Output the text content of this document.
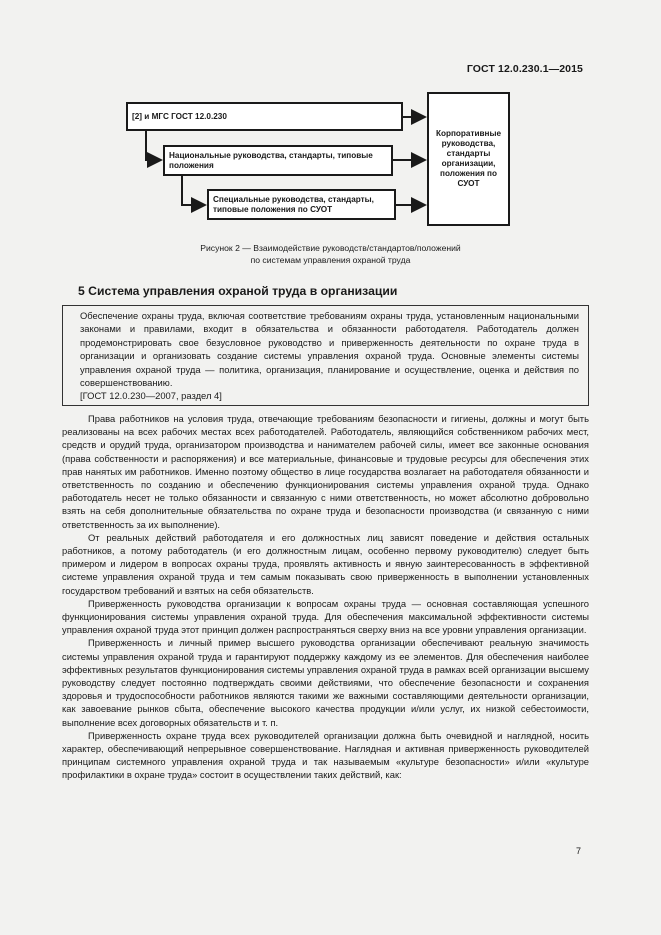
ГОСТ 12.0.230.1—2015
[2] и МГС ГОСТ 12.0.230
Национальные руководства, стандарты, типовые положения
Специальные руководства, стандарты, типовые положения по СУОТ
Корпоративные руководства, стандарты организации, положения по СУОТ
Рисунок 2 — Взаимодействие руководств/стандартов/положений
по системам управления охраной труда
5 Система управления охраной труда в организации

Обеспечение охраны труда, включая соответствие требованиям охраны труда, установленным национальными законами и правилами, входит в обязательства и обязанности работодателя. Работодатель должен продемонстрировать свое безусловное руководство и приверженность деятельности по охране труда в организации и организовать создание системы управления охраной труда. Основные элементы системы управления охраной труда — политика, организация, планирование и осуществление, оценка и действия по совершенствованию.

[ГОСТ 12.0.230—2007, раздел 4]

Права работников на условия труда, отвечающие требованиям безопасности и гигиены, должны и могут быть реализованы на всех рабочих местах всех работодателей. Работодатель, являющийся собственником рабочих мест, средств и орудий труда, организатором производства и нанимателем рабочей силы, имеет все законные основания (права собственности и распоряжения) и все материальные, финансовые и трудовые ресурсы для обеспечения этих прав нанятых им работников. Именно поэтому общество в лице государства возлагает на работодателя обязанности и ответственность по созданию и обеспечению функционирования системы управления охраной труда. Однако работодатель несет не только обязанности и связанную с ними ответственность, но может абсолютно добровольно взять на себя дополнительные обязательства по охране труда и безопасности производства (и связанную с ними ответственность за их выполнение).

От реальных действий работодателя и его должностных лиц зависят поведение и действия остальных работников, а потому работодатель (и его должностным лицам, особенно первому руководителю) следует быть примером и лидером в вопросах охраны труда, проявлять активность и явную заинтересованность в эффективной системе управления охраной труда и тем самым показывать свою приверженность в выполнении установленных государством требований и взятых на себя обязательств.

Приверженность руководства организации к вопросам охраны труда — основная составляющая успешного функционирования системы управления охраной труда. Для обеспечения максимальной эффективности системы управления охраной труда этот принцип должен распространяться сверху вниз на все уровни управления организации.

Приверженность и личный пример высшего руководства организации обеспечивают реальную значимость системы управления охраной труда и гарантируют поддержку каждому из ее элементов. Для обеспечения наиболее эффективных результатов функционирования системы управления охраной труда в рамках всей организации высшему руководству следует постоянно подтверждать своими действиями, что обеспечение безопасности и сохранения здоровья и трудоспособности работников являются такими же важными составляющими деятельности организации, как завоевание рынков сбыта, обеспечение высокого качества продукции и/или услуг, их низкой себестоимости, выполнение всех договорных обязательств и т. п.

Приверженность охране труда всех руководителей организации должна быть очевидной и наглядной, носить характер, обеспечивающий непрерывное совершенствование. Наглядная и активная приверженность руководителей принципам системного управления охраной труда и так называемым «культуре безопасности» и/или «культуре профилактики в охране труда» состоит в осуществлении таких действий, как:

7
